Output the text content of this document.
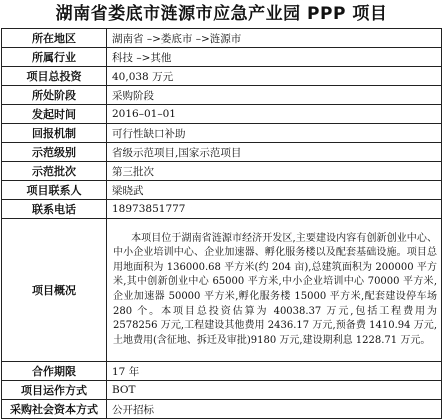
湖南省娄底市涟源市应急产业园 PPP 项目
所在地区	湖南省 –>娄底市 –>涟源市
所属行业	科技 –>其他
项目总投资	40,038 万元
所处阶段	采购阶段
发起时间	2016–01–01
回报机制	可行性缺口补助
示范级别	省级示范项目,国家示范项目
示范批次	第三批次
项目联系人	梁晓武
联系电话	18973851777
项目概况	本项目位于湖南省涟源市经济开发区,主要建设内容有创新创业中心、中小企业培训中心、企业加速器、孵化服务楼以及配套基础设施。项目总用地面积为 136000.68 平方米(约 204 亩),总建筑面积为 200000 平方米,其中创新创业中心 65000 平方米,中小企业培训中心 70000 平方米,企业加速器 50000 平方米,孵化服务楼 15000 平方米,配套建设停车场 280 个。本项目总投资估算为 40038.37 万元,包括工程费用为 2578256 万元,工程建设其他费用 2436.17 万元,预备费 1410.94 万元,土地费用(含征地、拆迁及审批)9180 万元,建设期利息 1228.71 万元。
合作期限	17 年
项目运作方式	BOT
采购社会资本方式	公开招标
